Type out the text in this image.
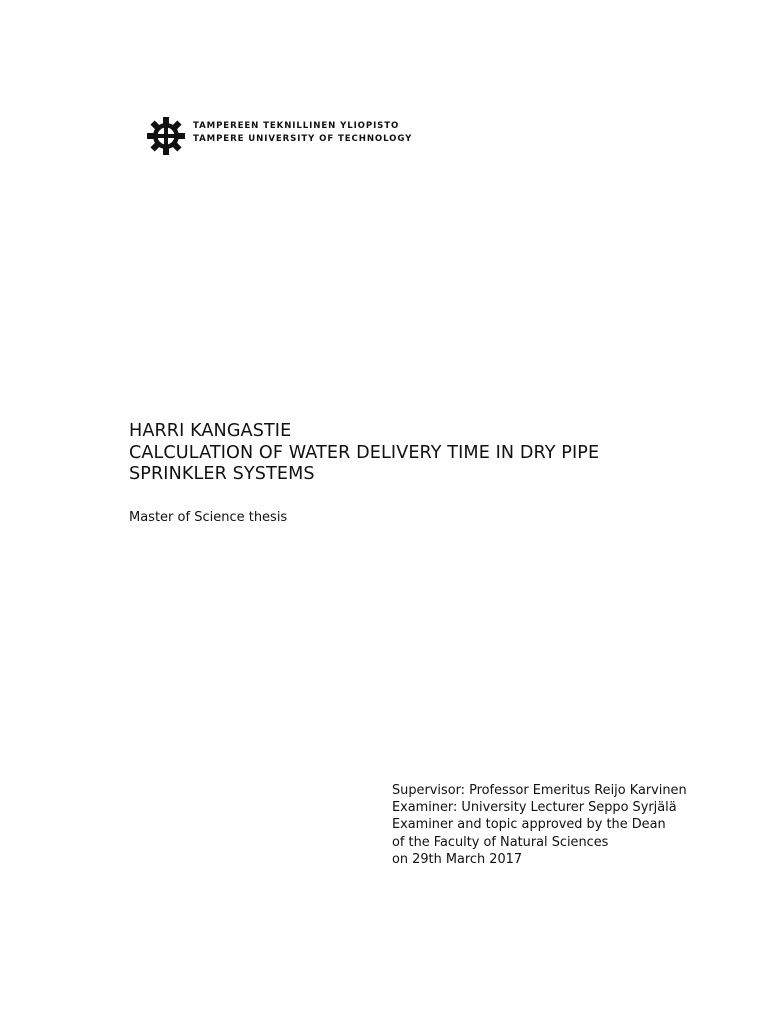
TAMPEREEN TEKNILLINEN YLIOPISTO
TAMPERE UNIVERSITY OF TECHNOLOGY
HARRI KANGASTIE
CALCULATION OF WATER DELIVERY TIME IN DRY PIPE
SPRINKLER SYSTEMS
Master of Science thesis
Supervisor: Professor Emeritus Reijo Karvinen
Examiner: University Lecturer Seppo Syrjälä
Examiner and topic approved by the Dean
of the Faculty of Natural Sciences
on 29th March 2017
